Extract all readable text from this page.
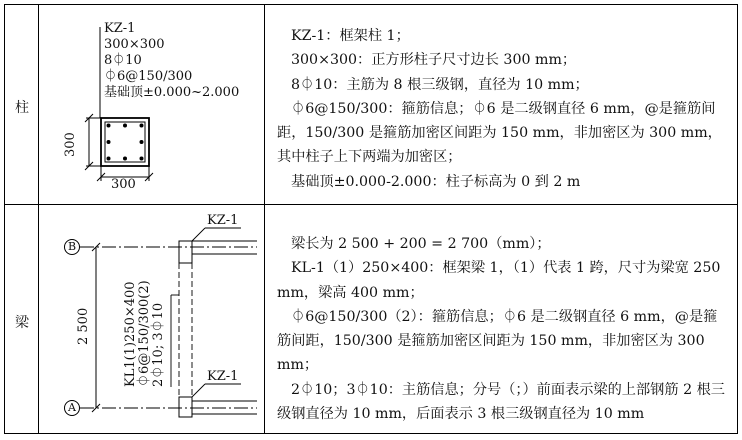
柱
KZ-1
300×300
8⏀10
⏀6@150/300
基础顶±0.000~2.000
300
300

KZ-1：框架柱 1；

300×300：正方形柱子尺寸边长 300 mm；

8⏀10：主筋为 8 根三级钢，直径为 10 mm；

⏀6@150/300：箍筋信息；⏀6 是二级钢直径 6 mm，@是箍筋间距，150/300 是箍筋加密区间距为 150 mm，非加密区为 300 mm，其中柱子上下两端为加密区；

基础顶±0.000-2.000：柱子标高为 0 到 2 m

梁
B
A
KZ-1
KZ-1
2 500 KL1(1)250×400 ⏀6@150/300(2) 2⏀10; 3⏀10

梁长为 2 500 + 200 = 2 700（mm）；

KL-1（1）250×400：框架梁 1，（1）代表 1 跨，尺寸为梁宽 250 mm，梁高 400 mm；

⏀6@150/300（2）：箍筋信息；⏀6 是二级钢直径 6 mm，@是箍筋间距，150/300 是箍筋加密区间距为 150 mm，非加密区为 300 mm；

2⏀10；3⏀10：主筋信息；分号（；）前面表示梁的上部钢筋 2 根三级钢直径为 10 mm，后面表示 3 根三级钢直径为 10 mm
